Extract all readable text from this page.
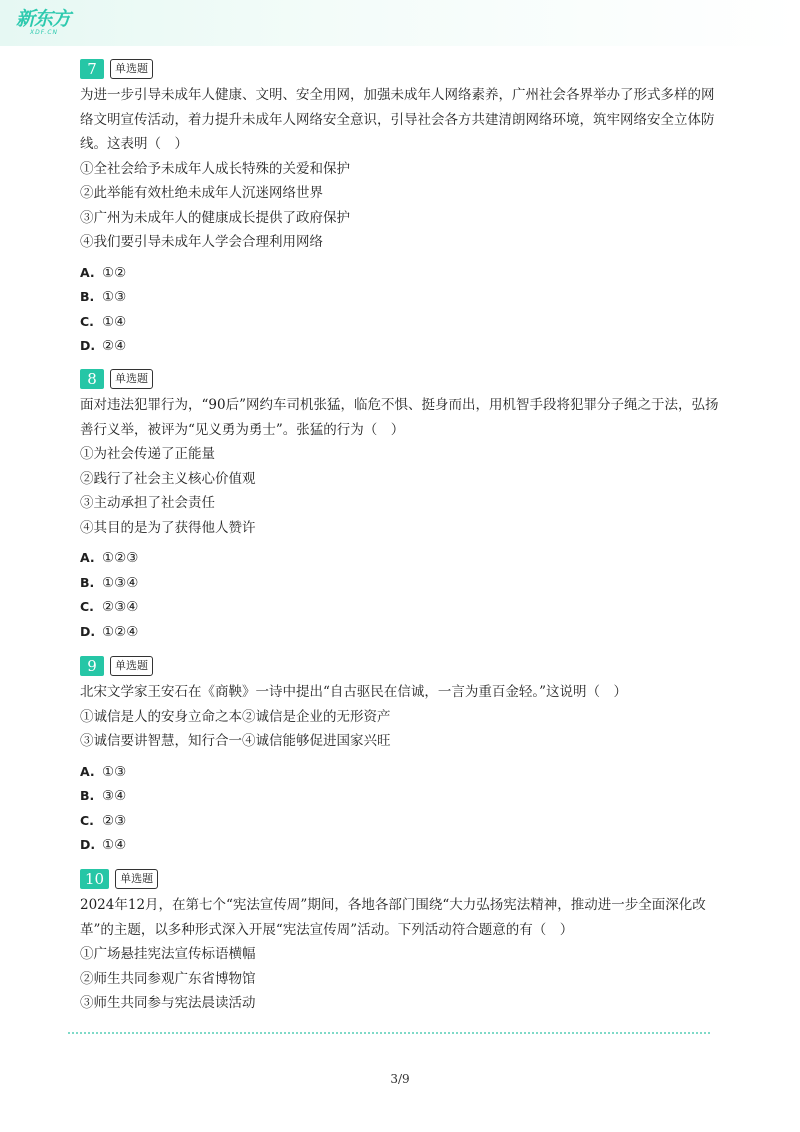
新东方
XDF.CN
7	单选题
为进一步引导未成年人健康、文明、安全用网，加强未成年人网络素养，广州社会各界举办了形式多样的网络文明宣传活动，着力提升未成年人网络安全意识，引导社会各方共建清朗网络环境，筑牢网络安全立体防线。这表明（　）
①全社会给予未成年人成长特殊的关爱和保护
②此举能有效杜绝未成年人沉迷网络世界
③广州为未成年人的健康成长提供了政府保护
④我们要引导未成年人学会合理利用网络
A. ①②
B. ①③
C. ①④
D. ②④
8	单选题
面对违法犯罪行为，“90后”网约车司机张猛，临危不惧、挺身而出，用机智手段将犯罪分子绳之于法，弘扬善行义举，被评为“见义勇为勇士”。张猛的行为（　）
①为社会传递了正能量
②践行了社会主义核心价值观
③主动承担了社会责任
④其目的是为了获得他人赞许
A. ①②③
B. ①③④
C. ②③④
D. ①②④
9	单选题
北宋文学家王安石在《商鞅》一诗中提出“自古驱民在信诚，一言为重百金轻。”这说明（　）
①诚信是人的安身立命之本②诚信是企业的无形资产
③诚信要讲智慧，知行合一④诚信能够促进国家兴旺
A. ①③
B. ③④
C. ②③
D. ①④
10	单选题
2024年12月，在第七个“宪法宣传周”期间，各地各部门围绕“大力弘扬宪法精神，推动进一步全面深化改革”的主题，以多种形式深入开展“宪法宣传周”活动。下列活动符合题意的有（　）
①广场悬挂宪法宣传标语横幅
②师生共同参观广东省博物馆
③师生共同参与宪法晨读活动
3/9
